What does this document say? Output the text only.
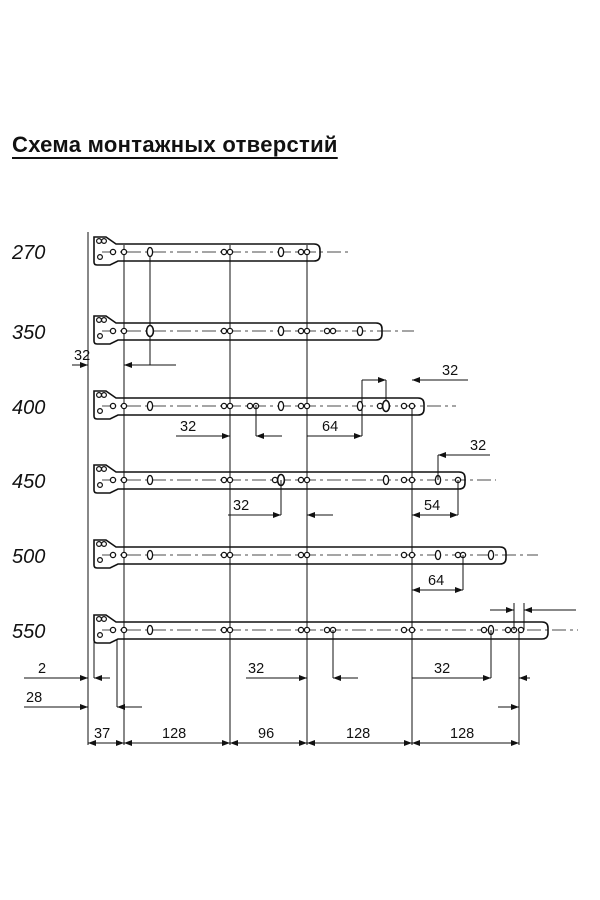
Схема монтажных отверстий
270
350
400
450
500
550
32
32
32	64
32
32	54
64
32	32
2
28
37	128	96	128	128
